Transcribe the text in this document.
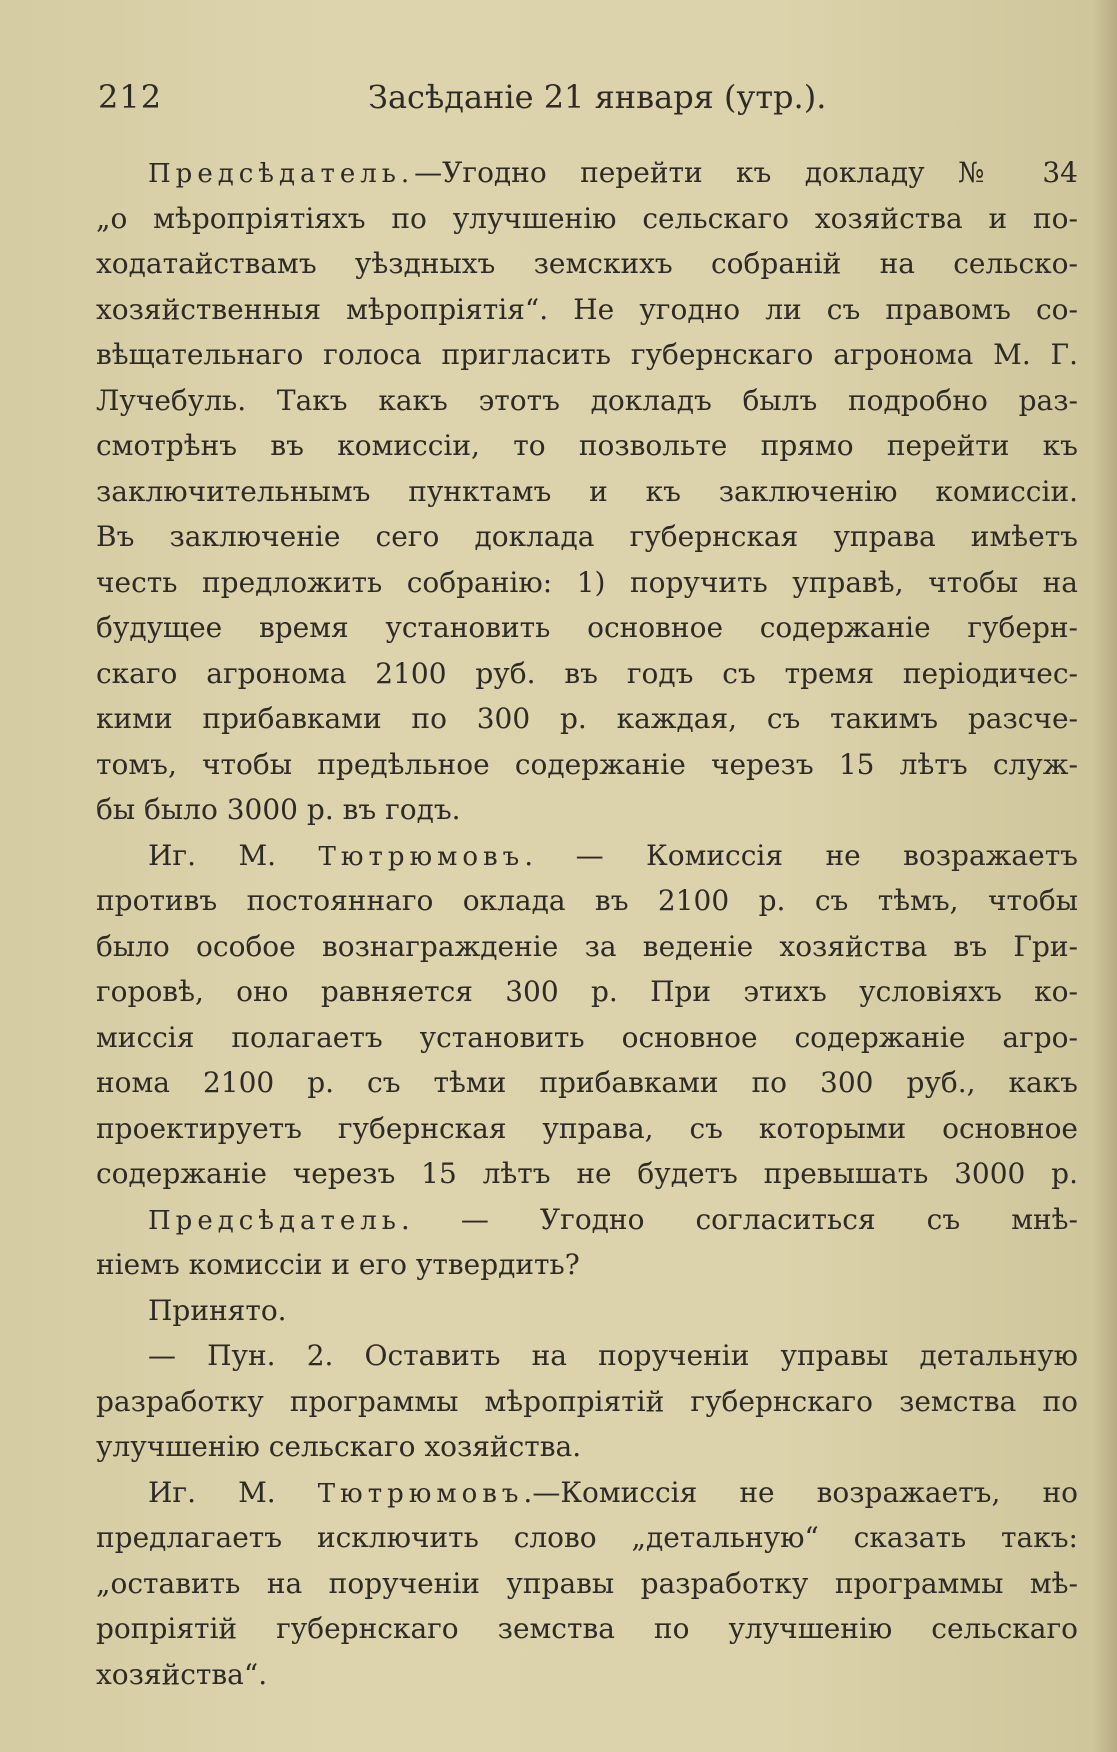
212	Засѣданіе 21 января (утр.).
Предсѣдатель.—Угодно перейти къ докладу № 34
„о мѣропріятіяхъ по улучшенію сельскаго хозяйства и по-
ходатайствамъ уѣздныхъ земскихъ собраній на сельско-
хозяйственныя мѣропріятія“. Не угодно ли съ правомъ со-
вѣщательнаго голоса пригласить губернскаго агронома М. Г.
Лучебуль. Такъ какъ этотъ докладъ былъ подробно раз-
смотрѣнъ въ комиссіи, то позвольте прямо перейти къ
заключительнымъ пунктамъ и къ заключенію комиссіи.
Въ заключеніе сего доклада губернская управа имѣетъ
честь предложить собранію: 1) поручить управѣ, чтобы на
будущее время установить основное содержаніе губерн-
скаго агронома 2100 руб. въ годъ съ тремя періодичес-
кими прибавками по 300 р. каждая, съ такимъ разсче-
томъ, чтобы предѣльное содержаніе черезъ 15 лѣтъ служ-
бы было 3000 р. въ годъ.
Иг. М. Тютрюмовъ. — Комиссія не возражаетъ
противъ постояннаго оклада въ 2100 р. съ тѣмъ, чтобы
было особое вознагражденіе за веденіе хозяйства въ Гри-
горовѣ, оно равняется 300 р. При этихъ условіяхъ ко-
миссія полагаетъ установить основное содержаніе агро-
нома 2100 р. съ тѣми прибавками по 300 руб., какъ
проектируетъ губернская управа, съ которыми основное
содержаніе черезъ 15 лѣтъ не будетъ превышать 3000 р.
Предсѣдатель. — Угодно согласиться съ мнѣ-
ніемъ комиссіи и его утвердить?
Принято.
— Пун. 2. Оставить на порученіи управы детальную
разработку программы мѣропріятій губернскаго земства по
улучшенію сельскаго хозяйства.
Иг. М. Тютрюмовъ.—Комиссія не возражаетъ, но
предлагаетъ исключить слово „детальную“ сказать такъ:
„оставить на порученіи управы разработку программы мѣ-
ропріятій губернскаго земства по улучшенію сельскаго
хозяйства“.
